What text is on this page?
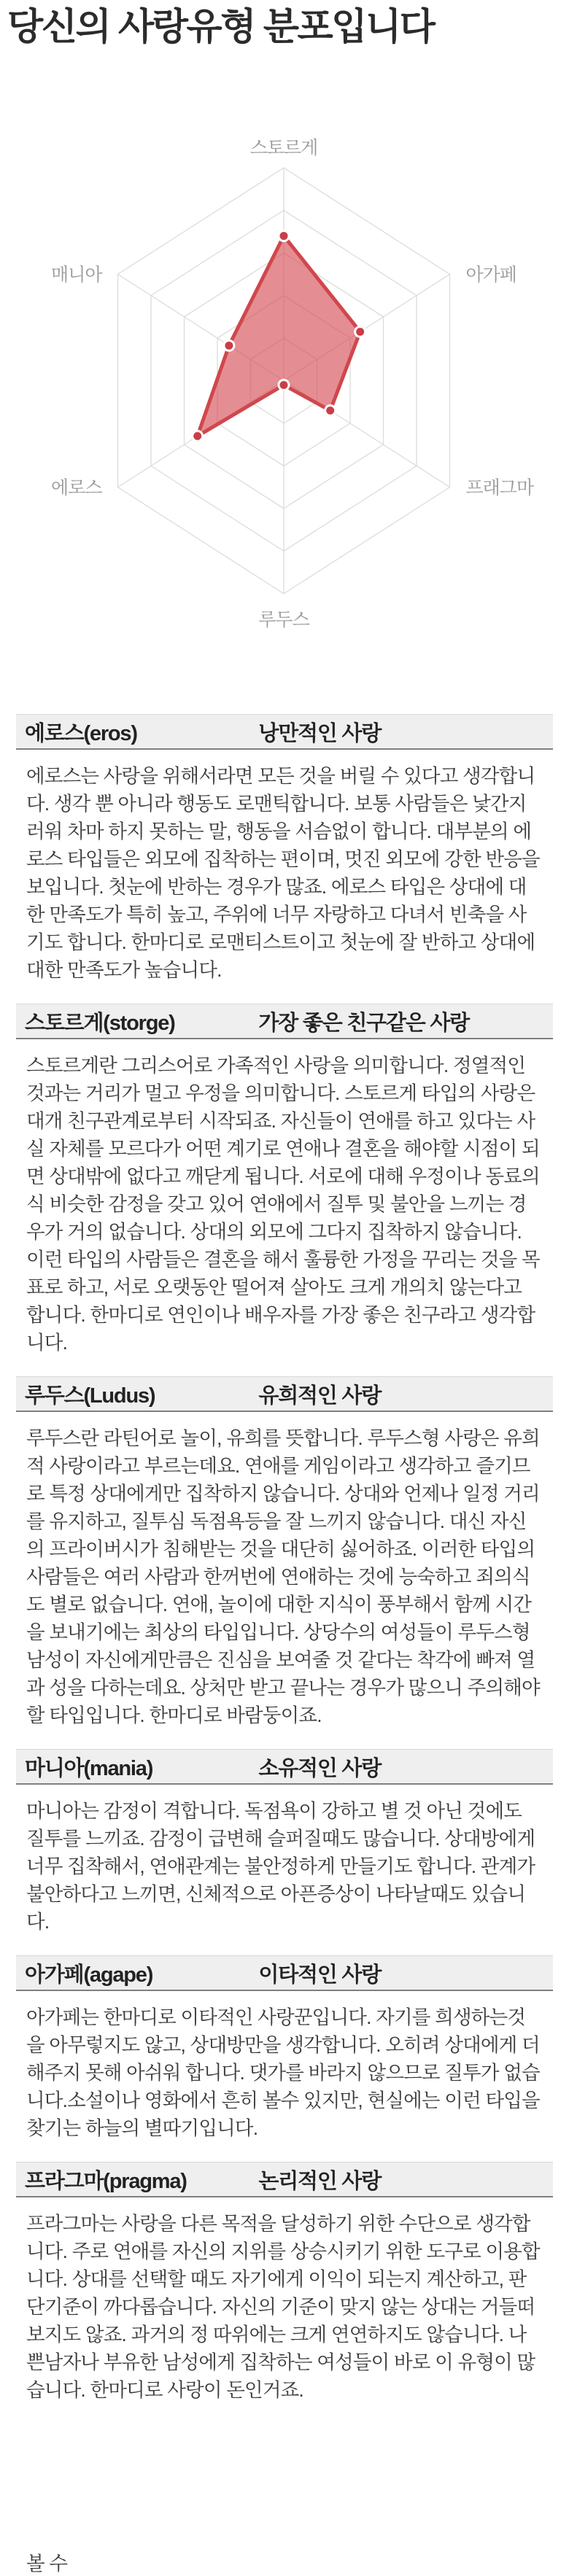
당신의 사랑유형 분포입니다
스토르게
아가페
프래그마
루두스
에로스
매니아
에로스(eros)	낭만적인 사랑

에로스는 사랑을 위해서라면 모든 것을 버릴 수 있다고 생각합니다. 생각 뿐 아니라 행동도 로맨틱합니다. 보통 사람들은 낯간지러워 차마 하지 못하는 말, 행동을 서슴없이 합니다. 대부분의 에로스 타입들은 외모에 집착하는 편이며, 멋진 외모에 강한 반응을 보입니다. 첫눈에 반하는 경우가 많죠. 에로스 타입은 상대에 대한 만족도가 특히 높고, 주위에 너무 자랑하고 다녀서 빈축을 사기도 합니다. 한마디로 로맨티스트이고 첫눈에 잘 반하고 상대에 대한 만족도가 높습니다.

스토르게(storge)	가장 좋은 친구같은 사랑

스토르게란 그리스어로 가족적인 사랑을 의미합니다. 정열적인 것과는 거리가 멀고 우정을 의미합니다. 스토르게 타입의 사랑은 대개 친구관계로부터 시작되죠. 자신들이 연애를 하고 있다는 사실 자체를 모르다가 어떤 계기로 연애나 결혼을 해야할 시점이 되면 상대밖에 없다고 깨닫게 됩니다. 서로에 대해 우정이나 동료의식 비슷한 감정을 갖고 있어 연애에서 질투 및 불안을 느끼는 경우가 거의 없습니다. 상대의 외모에 그다지 집착하지 않습니다. 이런 타입의 사람들은 결혼을 해서 훌륭한 가정을 꾸리는 것을 목표로 하고, 서로 오랫동안 떨어져 살아도 크게 개의치 않는다고 합니다. 한마디로 연인이나 배우자를 가장 좋은 친구라고 생각합니다.

루두스(Ludus)	유희적인 사랑

루두스란 라틴어로 놀이, 유희를 뜻합니다. 루두스형 사랑은 유희적 사랑이라고 부르는데요. 연애를 게임이라고 생각하고 즐기므로 특정 상대에게만 집착하지 않습니다. 상대와 언제나 일정 거리를 유지하고, 질투심 독점욕등을 잘 느끼지 않습니다. 대신 자신의 프라이버시가 침해받는 것을 대단히 싫어하죠. 이러한 타입의 사람들은 여러 사람과 한꺼번에 연애하는 것에 능숙하고 죄의식도 별로 없습니다. 연애, 놀이에 대한 지식이 풍부해서 함께 시간을 보내기에는 최상의 타입입니다. 상당수의 여성들이 루두스형 남성이 자신에게만큼은 진심을 보여줄 것 같다는 착각에 빠져 열과 성을 다하는데요. 상처만 받고 끝나는 경우가 많으니 주의해야할 타입입니다. 한마디로 바람둥이죠.

마니아(mania)	소유적인 사랑

마니아는 감정이 격합니다. 독점욕이 강하고 별 것 아닌 것에도 질투를 느끼죠. 감정이 급변해 슬퍼질때도 많습니다. 상대방에게 너무 집착해서, 연애관계는 불안정하게 만들기도 합니다. 관계가 불안하다고 느끼면, 신체적으로 아픈증상이 나타날때도 있습니다.

아가페(agape)	이타적인 사랑

아가페는 한마디로 이타적인 사랑꾼입니다. 자기를 희생하는것을 아무렇지도 않고, 상대방만을 생각합니다. 오히려 상대에게 더 해주지 못해 아쉬워 합니다. 댓가를 바라지 않으므로 질투가 없습니다.소설이나 영화에서 흔히 볼수 있지만, 현실에는 이런 타입을 찾기는 하늘의 별따기입니다.

프라그마(pragma)	논리적인 사랑

프라그마는 사랑을 다른 목적을 달성하기 위한 수단으로 생각합니다. 주로 연애를 자신의 지위를 상승시키기 위한 도구로 이용합니다. 상대를 선택할 때도 자기에게 이익이 되는지 계산하고, 판단기준이 까다롭습니다. 자신의 기준이 맞지 않는 상대는 거들떠보지도 않죠. 과거의 정 따위에는 크게 연연하지도 않습니다. 나쁜남자나 부유한 남성에게 집착하는 여성들이 바로 이 유형이 많습니다. 한마디로 사랑이 돈인거죠.

볼 수
